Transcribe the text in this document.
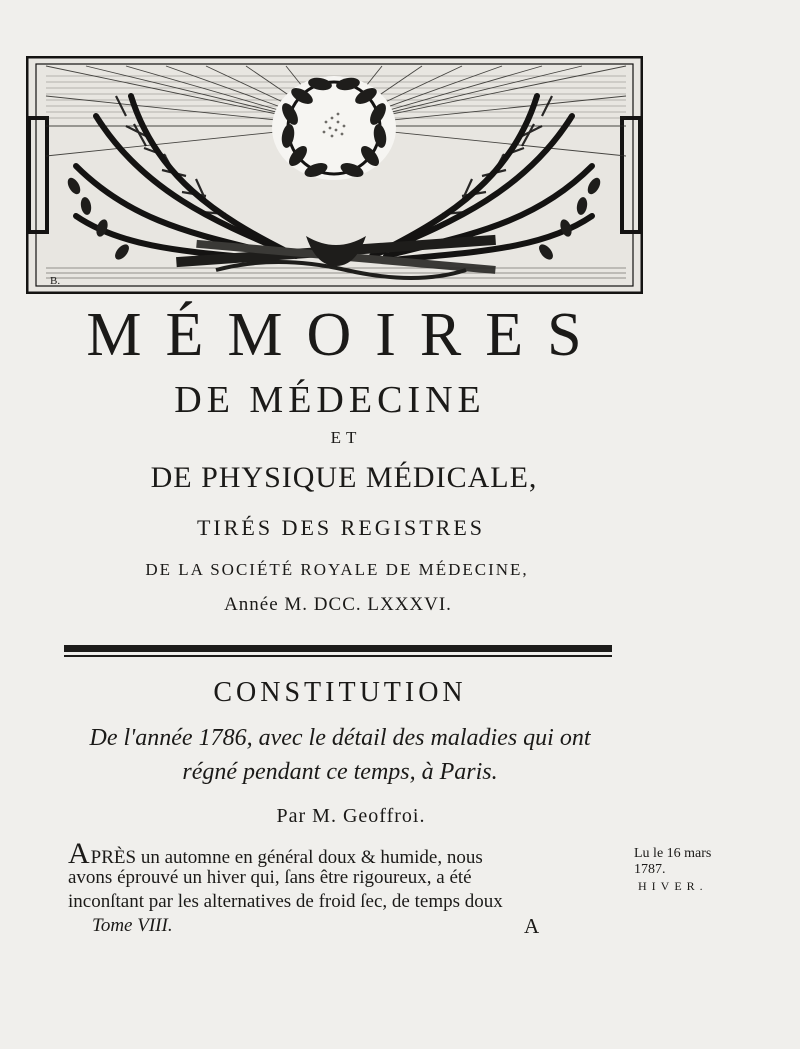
B.
MÉMOIRES
DE MÉDECINE
ET
DE PHYSIQUE MÉDICALE,
TIRÉS DES REGISTRES
DE LA SOCIÉTÉ ROYALE DE MÉDECINE,
Année M. DCC. LXXXVI.
CONSTITUTION
De l'année 1786, avec le détail des maladies qui ont
régné pendant ce temps, à Paris.
Par M. Geoffroi.
APRÈS un automne en général doux & humide, nous
avons éprouvé un hiver qui, ſans être rigoureux, a été
inconſtant par les alternatives de froid ſec, de temps doux
Tome VIII.	A
Lu le 16 mars
1787.
HIVER.
